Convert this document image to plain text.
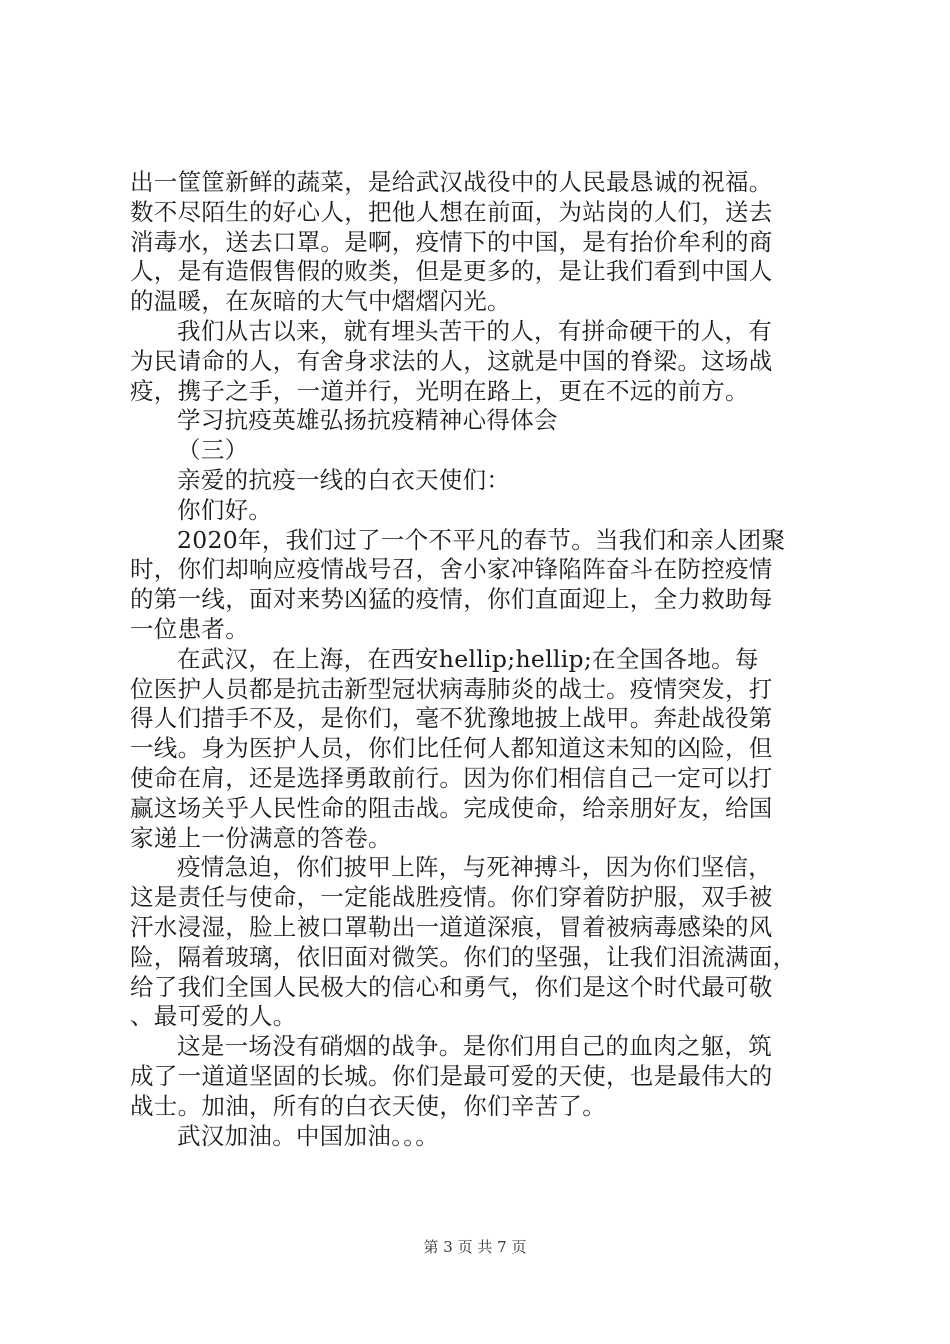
出一筐筐新鲜的蔬菜，是给武汉战役中的人民最恳诚的祝福。
数不尽陌生的好心人，把他人想在前面，为站岗的人们，送去
消毒水，送去口罩。是啊，疫情下的中国，是有抬价牟利的商
人，是有造假售假的败类，但是更多的，是让我们看到中国人
的温暖，在灰暗的大气中熠熠闪光。
我们从古以来，就有埋头苦干的人，有拼命硬干的人，有
为民请命的人，有舍身求法的人，这就是中国的脊梁。这场战
疫，携子之手，一道并行，光明在路上，更在不远的前方。
学习抗疫英雄弘扬抗疫精神心得体会
（三）
亲爱的抗疫一线的白衣天使们：
你们好。
2020年，我们过了一个不平凡的春节。当我们和亲人团聚
时，你们却响应疫情战号召，舍小家冲锋陷阵奋斗在防控疫情
的第一线，面对来势凶猛的疫情，你们直面迎上，全力救助每
一位患者。
在武汉，在上海，在西安hellip;hellip;在全国各地。每
位医护人员都是抗击新型冠状病毒肺炎的战士。疫情突发，打
得人们措手不及，是你们，毫不犹豫地披上战甲。奔赴战役第
一线。身为医护人员，你们比任何人都知道这未知的凶险，但
使命在肩，还是选择勇敢前行。因为你们相信自己一定可以打
赢这场关乎人民性命的阻击战。完成使命，给亲朋好友，给国
家递上一份满意的答卷。
疫情急迫，你们披甲上阵，与死神搏斗，因为你们坚信，
这是责任与使命，一定能战胜疫情。你们穿着防护服，双手被
汗水浸湿，脸上被口罩勒出一道道深痕，冒着被病毒感染的风
险，隔着玻璃，依旧面对微笑。你们的坚强，让我们泪流满面，
给了我们全国人民极大的信心和勇气，你们是这个时代最可敬
、最可爱的人。
这是一场没有硝烟的战争。是你们用自己的血肉之躯，筑
成了一道道坚固的长城。你们是最可爱的天使，也是最伟大的
战士。加油，所有的白衣天使，你们辛苦了。
武汉加油。中国加油。。。
第 3 页 共 7 页
